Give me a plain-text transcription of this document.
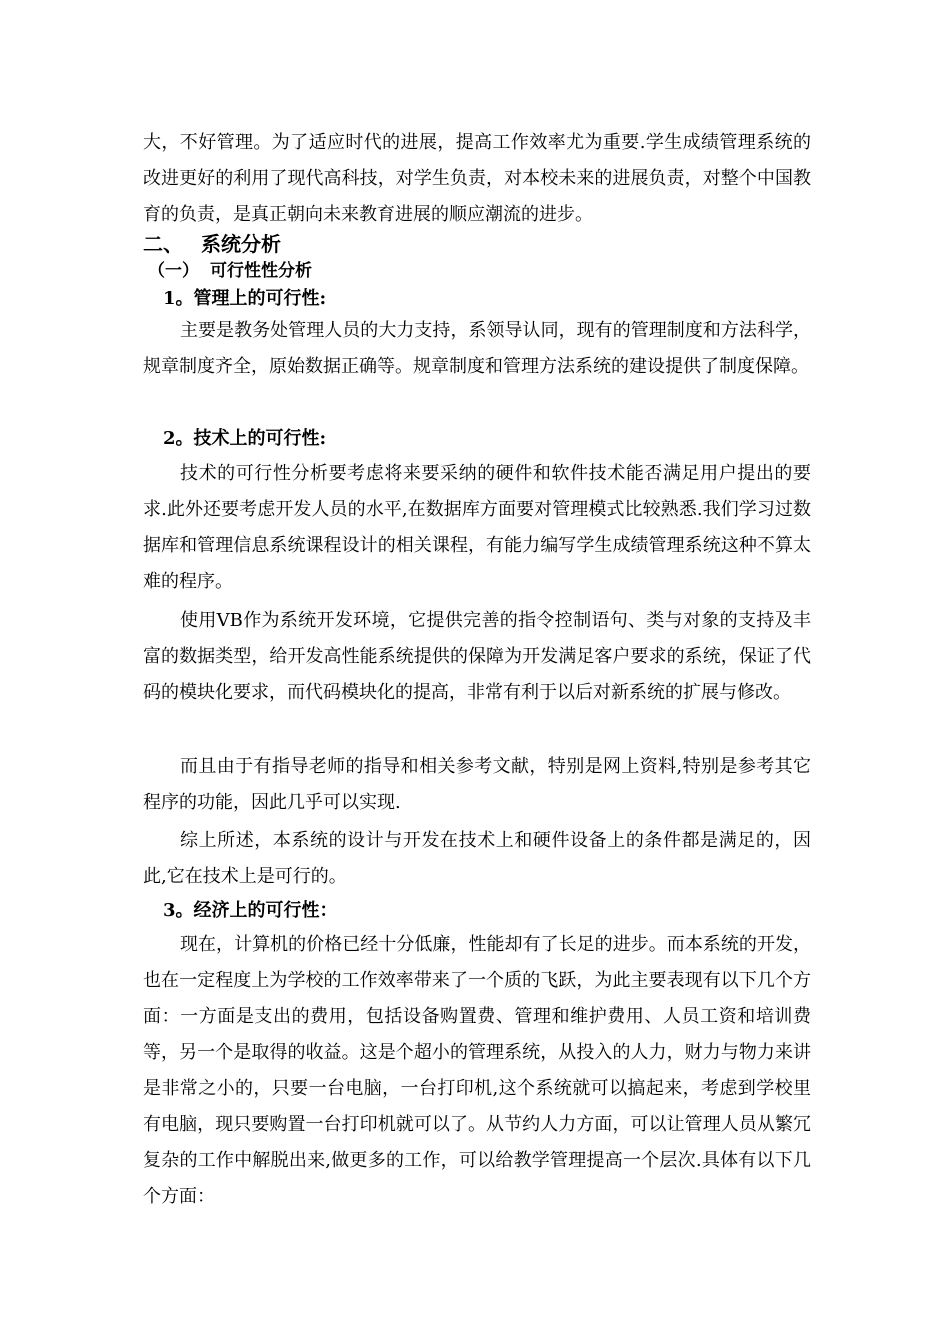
大，不好管理。为了适应时代的进展，提高工作效率尤为重要.学生成绩管理系统的改进更好的利用了现代高科技，对学生负责，对本校未来的进展负责，对整个中国教育的负责，是真正朝向未来教育进展的顺应潮流的进步。

二、 系统分析
（一） 可行性性分析
1。管理上的可行性:

主要是教务处管理人员的大力支持，系领导认同，现有的管理制度和方法科学，规章制度齐全，原始数据正确等。规章制度和管理方法系统的建设提供了制度保障。

2。技术上的可行性:

技术的可行性分析要考虑将来要采纳的硬件和软件技术能否满足用户提出的要求.此外还要考虑开发人员的水平,在数据库方面要对管理模式比较熟悉.我们学习过数据库和管理信息系统课程设计的相关课程，有能力编写学生成绩管理系统这种不算太难的程序。

使用VB作为系统开发环境，它提供完善的指令控制语句、类与对象的支持及丰富的数据类型，给开发高性能系统提供的保障为开发满足客户要求的系统，保证了代码的模块化要求，而代码模块化的提高，非常有利于以后对新系统的扩展与修改。

而且由于有指导老师的指导和相关参考文献，特别是网上资料,特别是参考其它程序的功能，因此几乎可以实现.

综上所述，本系统的设计与开发在技术上和硬件设备上的条件都是满足的，因此,它在技术上是可行的。

3。经济上的可行性：

现在，计算机的价格已经十分低廉，性能却有了长足的进步。而本系统的开发，也在一定程度上为学校的工作效率带来了一个质的飞跃，为此主要表现有以下几个方面：一方面是支出的费用，包括设备购置费、管理和维护费用、人员工资和培训费等，另一个是取得的收益。这是个超小的管理系统，从投入的人力，财力与物力来讲是非常之小的，只要一台电脑，一台打印机,这个系统就可以搞起来，考虑到学校里有电脑，现只要购置一台打印机就可以了。从节约人力方面，可以让管理人员从繁冗复杂的工作中解脱出来,做更多的工作，可以给教学管理提高一个层次.具体有以下几个方面：
